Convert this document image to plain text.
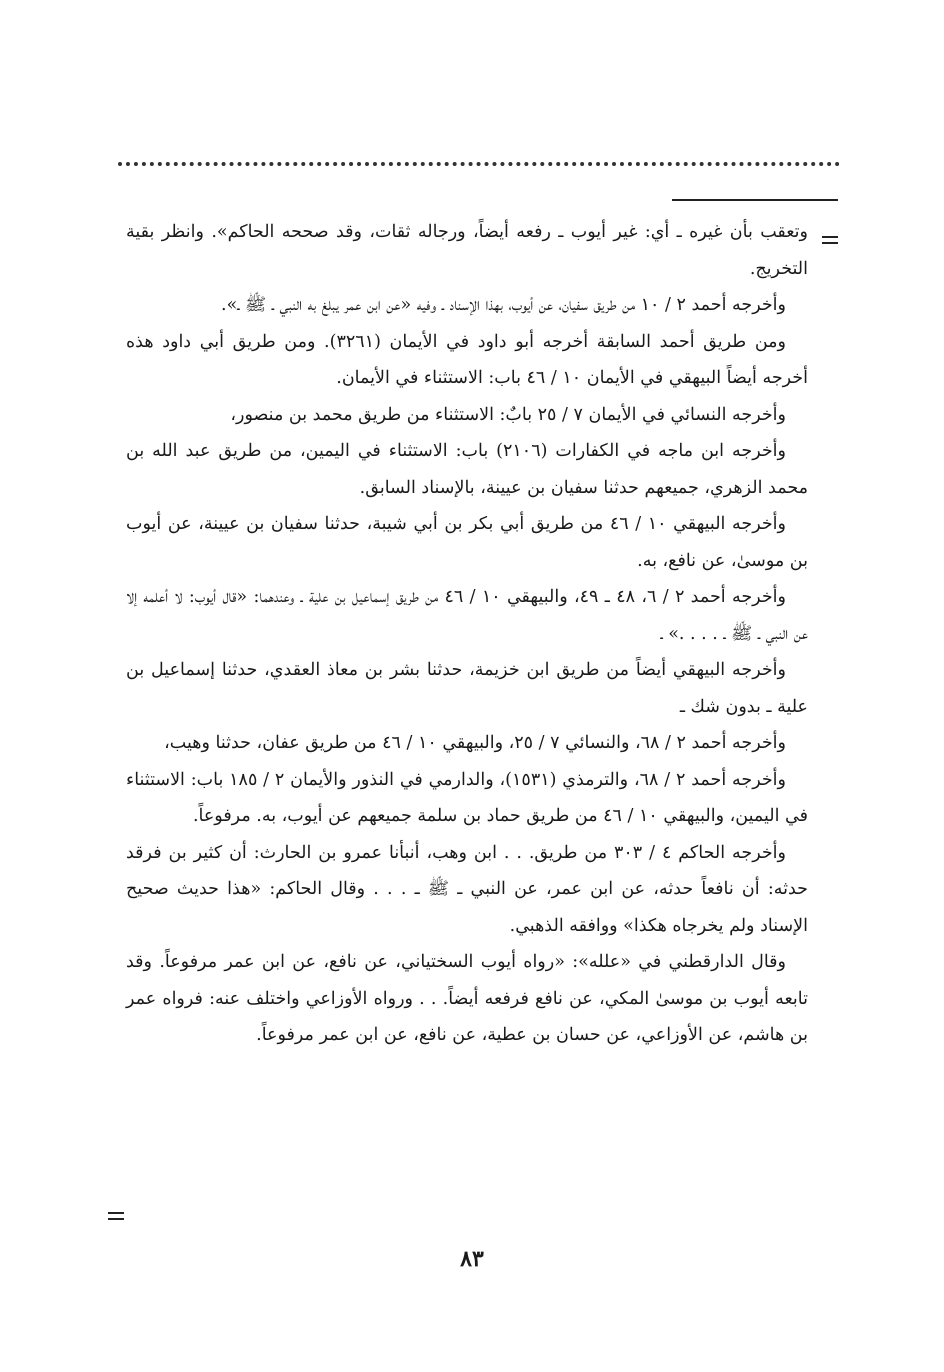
وتعقب بأن غيره ـ أي: غير أيوب ـ رفعه أيضاً، ورجاله ثقات، وقد صححه الحاكم». وانظر بقية التخريج.

وأخرجه أحمد ٢ / ١٠ من طريق سفيان، عن أيوب، بهذا الإسناد ـ وفيه «عن ابن عمر يبلغ به النبي ـ ﷺ ـ».

ومن طريق أحمد السابقة أخرجه أبو داود في الأيمان (٣٢٦١). ومن طريق أبي داود هذه أخرجه أيضاً البيهقي في الأيمان ١٠ / ٤٦ باب: الاستثناء في الأيمان.

وأخرجه النسائي في الأيمان ٧ / ٢٥ بابٌ: الاستثناء من طريق محمد بن منصور،

وأخرجه ابن ماجه في الكفارات (٢١٠٦) باب: الاستثناء في اليمين، من طريق عبد الله بن محمد الزهري، جميعهم حدثنا سفيان بن عيينة، بالإسناد السابق.

وأخرجه البيهقي ١٠ / ٤٦ من طريق أبي بكر بن أبي شيبة، حدثنا سفيان بن عيينة، عن أيوب بن موسىٰ، عن نافع، به.

وأخرجه أحمد ٢ / ٦، ٤٨ ـ ٤٩، والبيهقي ١٠ / ٤٦ من طريق إسماعيل بن علية ـ وعندهما: «قال أيوب: لا أعلمه إلا عن النبي ـ ﷺ ـ . . . .» ـ

وأخرجه البيهقي أيضاً من طريق ابن خزيمة، حدثنا بشر بن معاذ العقدي، حدثنا إسماعيل بن علية ـ بدون شك ـ

وأخرجه أحمد ٢ / ٦٨، والنسائي ٧ / ٢٥، والبيهقي ١٠ / ٤٦ من طريق عفان، حدثنا وهيب،

وأخرجه أحمد ٢ / ٦٨، والترمذي (١٥٣١)، والدارمي في النذور والأيمان ٢ / ١٨٥ باب: الاستثناء في اليمين، والبيهقي ١٠ / ٤٦ من طريق حماد بن سلمة جميعهم عن أيوب، به. مرفوعاً.

وأخرجه الحاكم ٤ / ٣٠٣ من طريق. . . ابن وهب، أنبأنا عمرو بن الحارث: أن كثير بن فرقد حدثه: أن نافعاً حدثه، عن ابن عمر، عن النبي ـ ﷺ ـ . . . وقال الحاكم: «هذا حديث صحيح الإسناد ولم يخرجاه هكذا» ووافقه الذهبي.

وقال الدارقطني في «علله»: «رواه أيوب السختياني، عن نافع، عن ابن عمر مرفوعاً. وقد تابعه أيوب بن موسىٰ المكي، عن نافع فرفعه أيضاً. . . ورواه الأوزاعي واختلف عنه: فرواه عمر بن هاشم، عن الأوزاعي، عن حسان بن عطية، عن نافع، عن ابن عمر مرفوعاً.

٨٣
